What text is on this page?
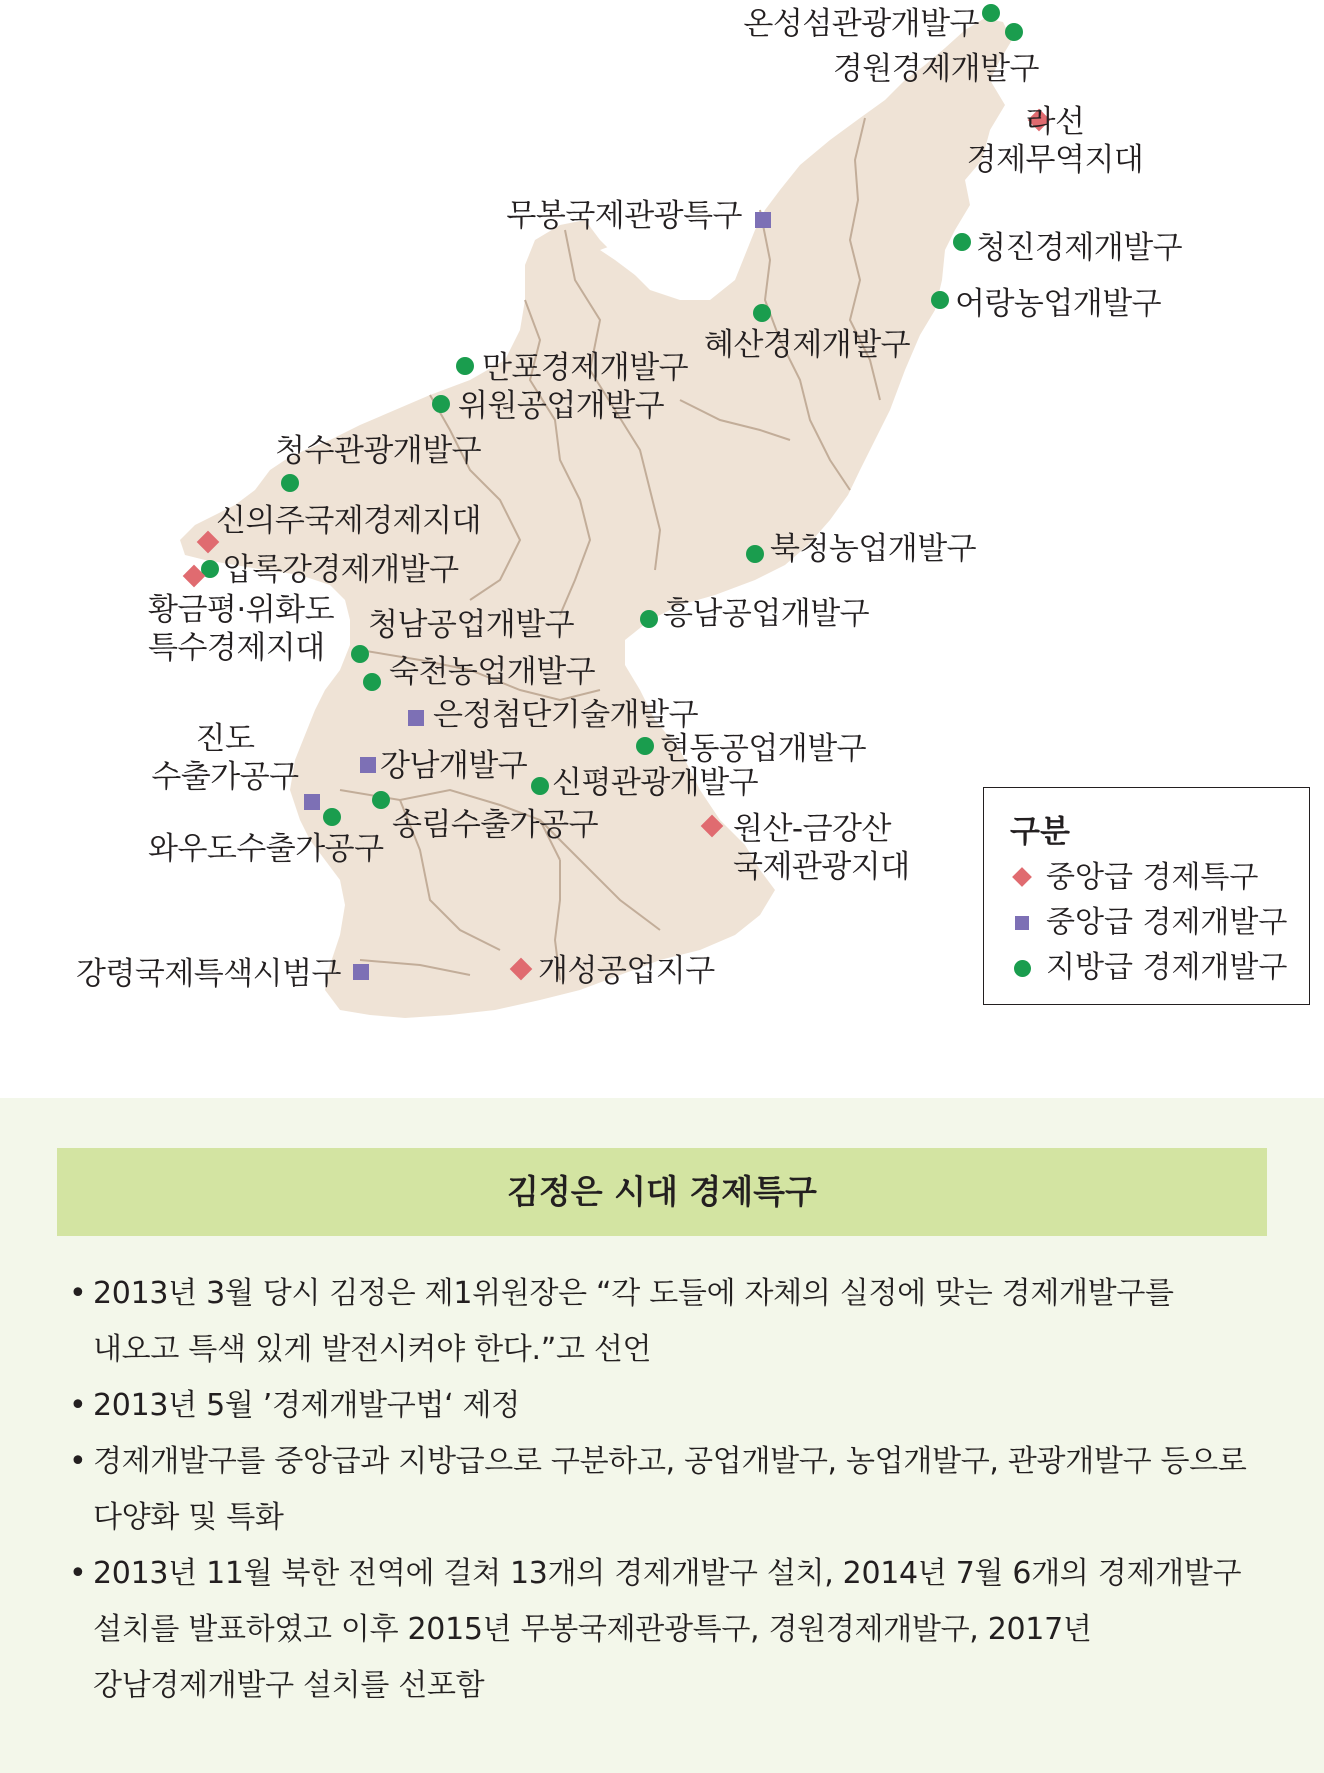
온성섬관광개발구
경원경제개발구
라선
경제무역지대
무봉국제관광특구
청진경제개발구
어랑농업개발구
혜산경제개발구
만포경제개발구
위원공업개발구
청수관광개발구
신의주국제경제지대
압록강경제개발구
황금평·위화도
특수경제지대
북청농업개발구
흥남공업개발구
청남공업개발구
숙천농업개발구
은정첨단기술개발구
현동공업개발구
진도
수출가공구	강남개발구 신평관광개발구
송림수출가공구
와우도수출가공구
원산-금강산
국제관광지대
강령국제특색시범구	개성공업지구
구분
중앙급 경제특구
중앙급 경제개발구
지방급 경제개발구
김정은 시대 경제특구
• 2013년 3월 당시 김정은 제1위원장은 “각 도들에 자체의 실정에 맞는 경제개발구를 내오고 특색 있게 발전시켜야 한다.”고 선언
• 2013년 5월 ’경제개발구법‘ 제정
• 경제개발구를 중앙급과 지방급으로 구분하고, 공업개발구, 농업개발구, 관광개발구 등으로 다양화 및 특화
• 2013년 11월 북한 전역에 걸쳐 13개의 경제개발구 설치, 2014년 7월 6개의 경제개발구 설치를 발표하였고 이후 2015년 무봉국제관광특구, 경원경제개발구, 2017년 강남경제개발구 설치를 선포함
